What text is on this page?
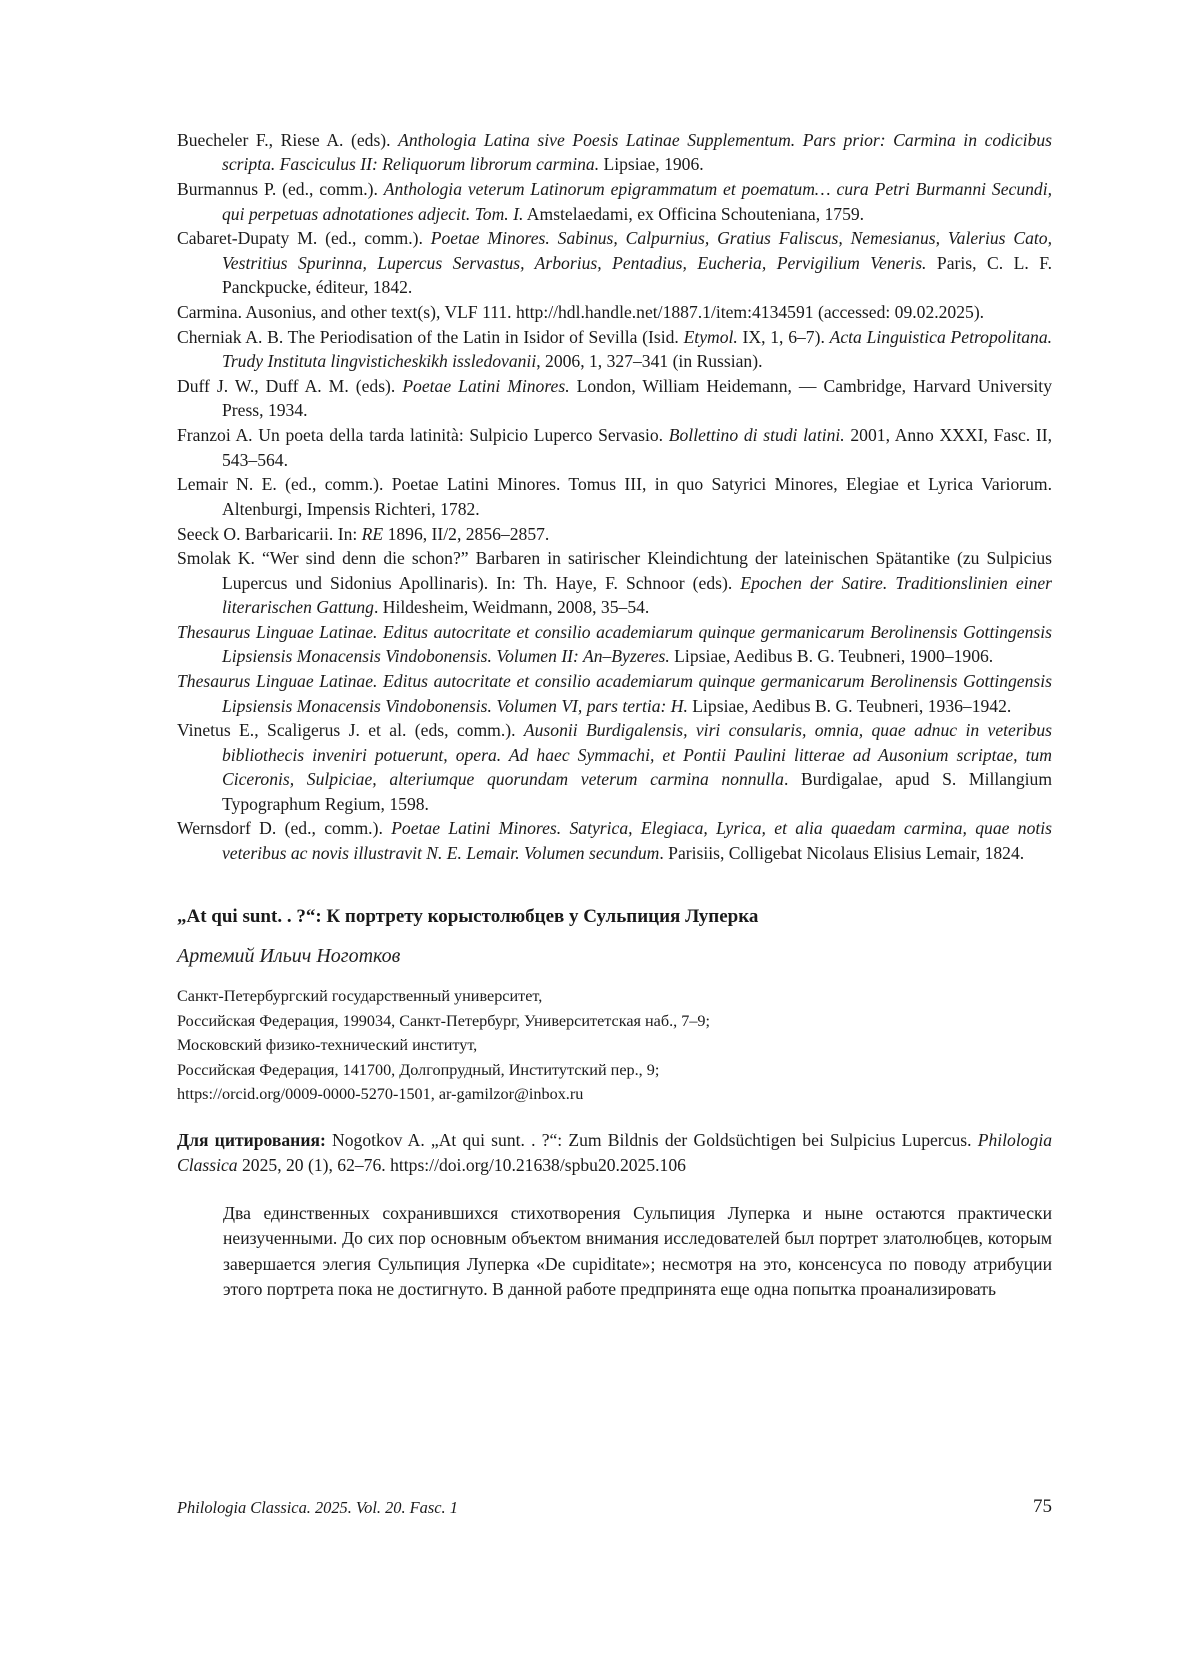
Buecheler F., Riese A. (eds). Anthologia Latina sive Poesis Latinae Supplementum. Pars prior: Carmina in codicibus scripta. Fasciculus II: Reliquorum librorum carmina. Lipsiae, 1906.
Burmannus P. (ed., comm.). Anthologia veterum Latinorum epigrammatum et poematum… cura Petri Burmanni Secundi, qui perpetuas adnotationes adjecit. Tom. I. Amstelaedami, ex Officina Schouteniana, 1759.
Cabaret-Dupaty M. (ed., comm.). Poetae Minores. Sabinus, Calpurnius, Gratius Faliscus, Nemesianus, Valerius Cato, Vestritius Spurinna, Lupercus Servastus, Arborius, Pentadius, Eucheria, Pervigilium Veneris. Paris, C. L. F. Panckpucke, éditeur, 1842.
Carmina. Ausonius, and other text(s), VLF 111. http://hdl.handle.net/1887.1/item:4134591 (accessed: 09.02.2025).
Cherniak A. B. The Periodisation of the Latin in Isidor of Sevilla (Isid. Etymol. IX, 1, 6–7). Acta Linguistica Petropolitana. Trudy Instituta lingvisticheskikh issledovanii, 2006, 1, 327–341 (in Russian).
Duff J. W., Duff A. M. (eds). Poetae Latini Minores. London, William Heidemann, — Cambridge, Harvard University Press, 1934.
Franzoi A. Un poeta della tarda latinità: Sulpicio Luperco Servasio. Bollettino di studi latini. 2001, Anno XXXI, Fasc. II, 543–564.
Lemair N. E. (ed., comm.). Poetae Latini Minores. Tomus III, in quo Satyrici Minores, Elegiae et Lyrica Variorum. Altenburgi, Impensis Richteri, 1782.
Seeck O. Barbaricarii. In: RE 1896, II/2, 2856–2857.
Smolak K. “Wer sind denn die schon?” Barbaren in satirischer Kleindichtung der lateinischen Spätantike (zu Sulpicius Lupercus und Sidonius Apollinaris). In: Th. Haye, F. Schnoor (eds). Epochen der Satire. Traditionslinien einer literarischen Gattung. Hildesheim, Weidmann, 2008, 35–54.
Thesaurus Linguae Latinae. Editus autocritate et consilio academiarum quinque germanicarum Berolinensis Gottingensis Lipsiensis Monacensis Vindobonensis. Volumen II: An–Byzeres. Lipsiae, Aedibus B. G. Teubneri, 1900–1906.
Thesaurus Linguae Latinae. Editus autocritate et consilio academiarum quinque germanicarum Berolinensis Gottingensis Lipsiensis Monacensis Vindobonensis. Volumen VI, pars tertia: H. Lipsiae, Aedibus B. G. Teubneri, 1936–1942.
Vinetus E., Scaligerus J. et al. (eds, comm.). Ausonii Burdigalensis, viri consularis, omnia, quae adnuc in veteribus bibliothecis inveniri potuerunt, opera. Ad haec Symmachi, et Pontii Paulini litterae ad Ausonium scriptae, tum Ciceronis, Sulpiciae, alteriumque quorundam veterum carmina nonnulla. Burdigalae, apud S. Millangium Typographum Regium, 1598.
Wernsdorf D. (ed., comm.). Poetae Latini Minores. Satyrica, Elegiaca, Lyrica, et alia quaedam carmina, quae notis veteribus ac novis illustravit N. E. Lemair. Volumen secundum. Parisiis, Colligebat Nicolaus Elisius Lemair, 1824.
„At qui sunt. . ?“: К портрету корыстолюбцев у Сульпиция Луперка
Артемий Ильич Ноготков
Санкт-Петербургский государственный университет,
Российская Федерация, 199034, Санкт-Петербург, Университетская наб., 7–9;
Московский физико-технический институт,
Российская Федерация, 141700, Долгопрудный, Институтский пер., 9;
https://orcid.org/0009-0000-5270-1501, ar-gamilzor@inbox.ru
Для цитирования: Nogotkov A. „At qui sunt. . ?“: Zum Bildnis der Goldsüchtigen bei Sulpicius Lupercus. Philologia Classica 2025, 20 (1), 62–76. https://doi.org/10.21638/spbu20.2025.106
Два единственных сохранившихся стихотворения Сульпиция Луперка и ныне остаются практически неизученными. До сих пор основным объектом внимания исследователей был портрет златолюбцев, которым завершается элегия Сульпиция Луперка «De cupiditate»; несмотря на это, консенсуса по поводу атрибуции этого портрета пока не достигнуто. В данной работе предпринята еще одна попытка проанализировать
Philologia Classica. 2025. Vol. 20. Fasc. 1	75
